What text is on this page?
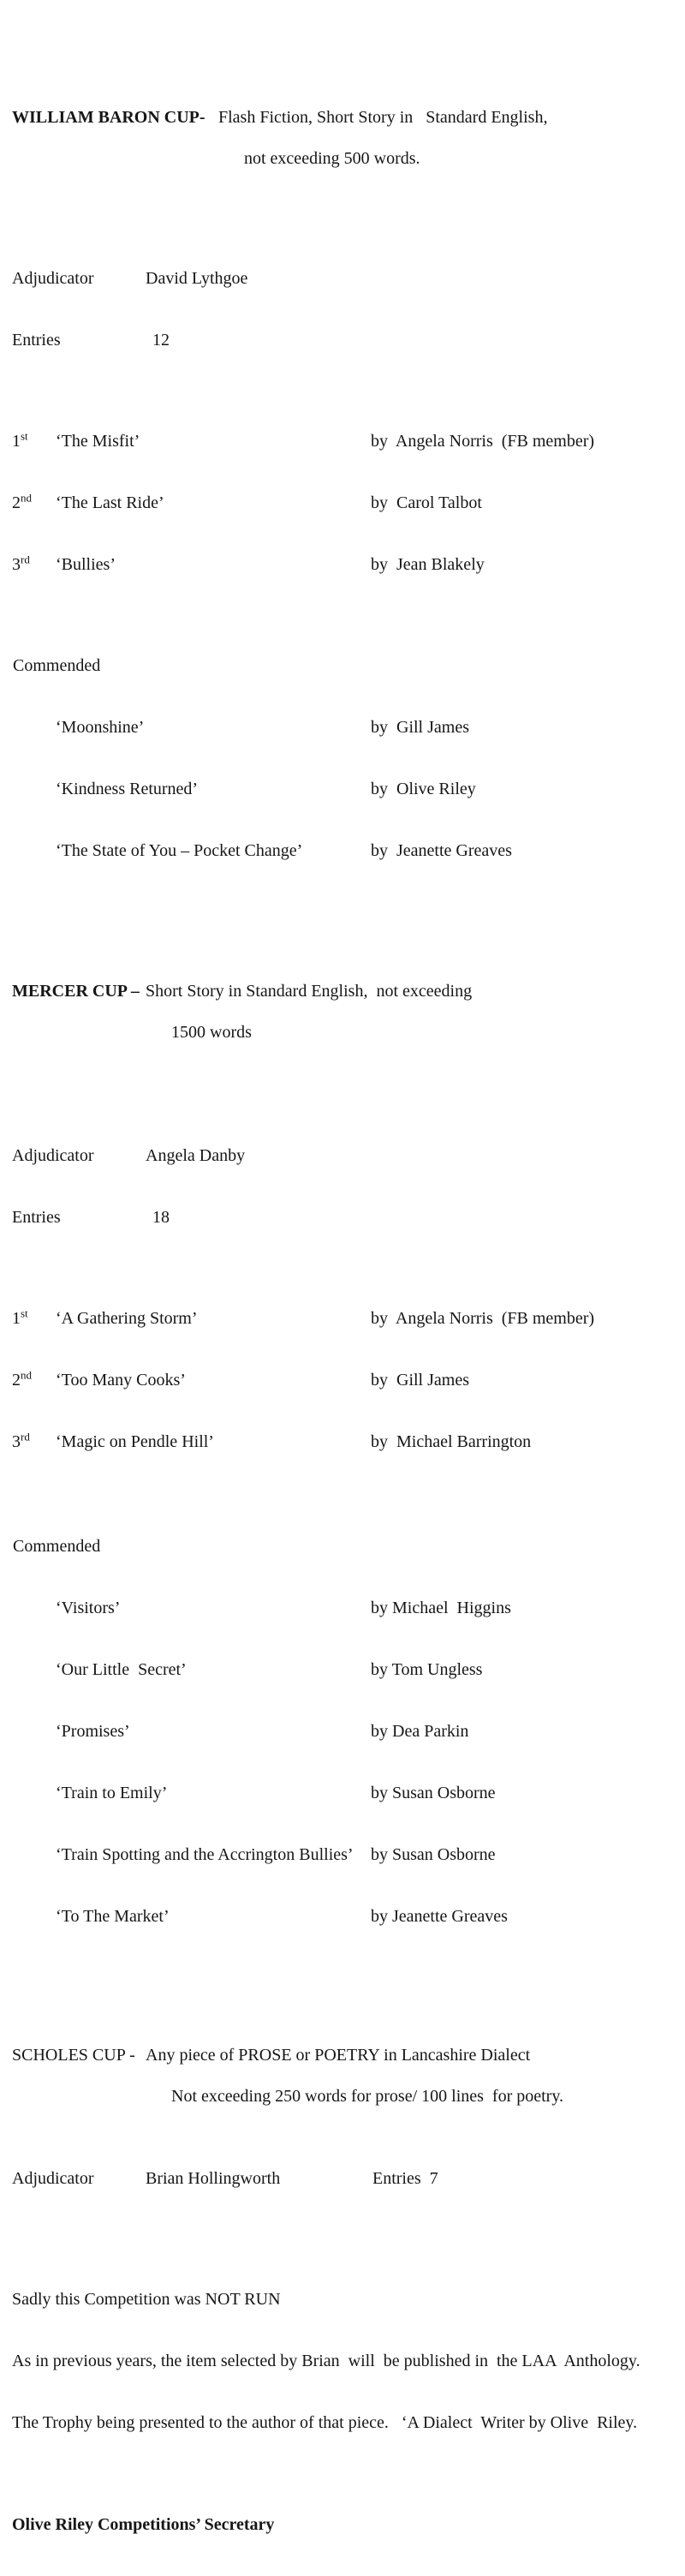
WILLIAM BARON CUP- Flash Fiction, Short Story in   Standard English,

not exceeding 500 words.

Adjudicator	David Lythgoe

Entries	12

1st	‘The Misfit’	by  Angela Norris  (FB member)

2nd	‘The Last Ride’	by  Carol Talbot

3rd	‘Bullies’	by  Jean Blakely

Commended

‘Moonshine’	by  Gill James

‘Kindness Returned’	by  Olive Riley

‘The State of You – Pocket Change’	by  Jeanette Greaves

MERCER CUP – Short Story in Standard English,  not exceeding

1500 words

Adjudicator	Angela Danby

Entries	18

1st	‘A Gathering Storm’	by  Angela Norris  (FB member)

2nd	‘Too Many Cooks’	by  Gill James

3rd	‘Magic on Pendle Hill’	by  Michael Barrington

Commended

‘Visitors’	by Michael  Higgins

‘Our Little  Secret’	by Tom Ungless

‘Promises’	by Dea Parkin

‘Train to Emily’	by Susan Osborne

‘Train Spotting and the Accrington Bullies’	by Susan Osborne

‘To The Market’	by Jeanette Greaves

SCHOLES CUP - Any piece of PROSE or POETRY in Lancashire Dialect

Not exceeding 250 words for prose/ 100 lines  for poetry.

Adjudicator	Brian Hollingworth	Entries  7

Sadly this Competition was NOT RUN

As in previous years, the item selected by Brian  will  be published in  the LAA  Anthology.

The Trophy being presented to the author of that piece.   ‘A Dialect  Writer by Olive  Riley.

Olive Riley Competitions’ Secretary
